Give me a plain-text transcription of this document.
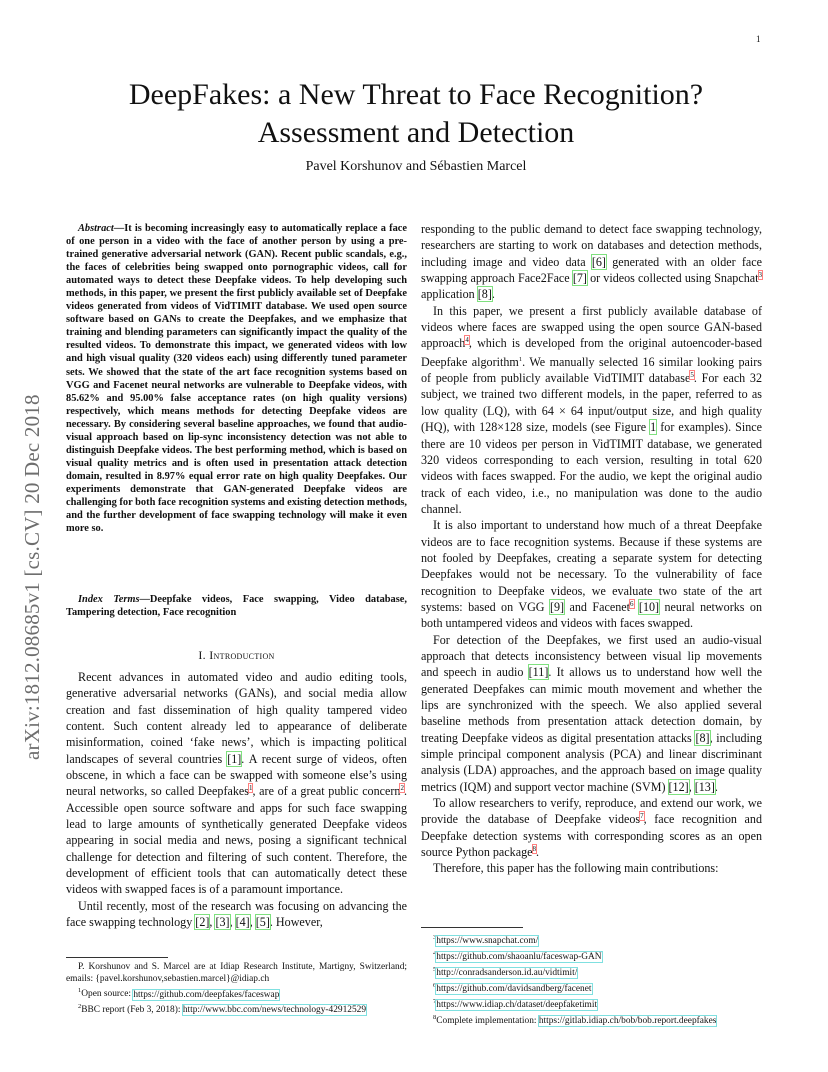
1
arXiv:1812.08685v1 [cs.CV] 20 Dec 2018
DeepFakes: a New Threat to Face Recognition? Assessment and Detection
Pavel Korshunov and Sébastien Marcel
Abstract—It is becoming increasingly easy to automatically replace a face of one person in a video with the face of another person by using a pre-trained generative adversarial network (GAN). Recent public scandals, e.g., the faces of celebrities being swapped onto pornographic videos, call for automated ways to detect these Deepfake videos. To help developing such methods, in this paper, we present the first publicly available set of Deepfake videos generated from videos of VidTIMIT database. We used open source software based on GANs to create the Deepfakes, and we emphasize that training and blending parameters can significantly impact the quality of the resulted videos. To demonstrate this impact, we generated videos with low and high visual quality (320 videos each) using differently tuned parameter sets. We showed that the state of the art face recognition systems based on VGG and Facenet neural networks are vulnerable to Deepfake videos, with 85.62% and 95.00% false acceptance rates (on high quality versions) respectively, which means methods for detecting Deepfake videos are necessary. By considering several baseline approaches, we found that audio-visual approach based on lip-sync inconsistency detection was not able to distinguish Deepfake videos. The best performing method, which is based on visual quality metrics and is often used in presentation attack detection domain, resulted in 8.97% equal error rate on high quality Deepfakes. Our experiments demonstrate that GAN-generated Deepfake videos are challenging for both face recognition systems and existing detection methods, and the further development of face swapping technology will make it even more so.
Index Terms—Deepfake videos, Face swapping, Video database, Tampering detection, Face recognition
I. Introduction

Recent advances in automated video and audio editing tools, generative adversarial networks (GANs), and social media allow creation and fast dissemination of high quality tampered video content. Such content already led to appearance of deliberate misinformation, coined ‘fake news’, which is impacting political landscapes of several countries [1]. A recent surge of videos, often obscene, in which a face can be swapped with someone else’s using neural networks, so called Deepfakes$^1$, are of a great public concern$^2$. Accessible open source software and apps for such face swapping lead to large amounts of synthetically generated Deepfake videos appearing in social media and news, posing a significant technical challenge for detection and filtering of such content. Therefore, the development of efficient tools that can automatically detect these videos with swapped faces is of a paramount importance.

Until recently, most of the research was focusing on advancing the face swapping technology [2], [3], [4], [5]. However,

responding to the public demand to detect face swapping technology, researchers are starting to work on databases and detection methods, including image and video data [6] generated with an older face swapping approach Face2Face [7] or videos collected using Snapchat$^3$ application [8].

In this paper, we present a first publicly available database of videos where faces are swapped using the open source GAN-based approach$^4$, which is developed from the original autoencoder-based Deepfake algorithm$^1$. We manually selected 16 similar looking pairs of people from publicly available VidTIMIT database$^5$. For each 32 subject, we trained two different models, in the paper, referred to as low quality (LQ), with 64 × 64 input/output size, and high quality (HQ), with 128×128 size, models (see Figure 1 for examples). Since there are 10 videos per person in VidTIMIT database, we generated 320 videos corresponding to each version, resulting in total 620 videos with faces swapped. For the audio, we kept the original audio track of each video, i.e., no manipulation was done to the audio channel.

It is also important to understand how much of a threat Deepfake videos are to face recognition systems. Because if these systems are not fooled by Deepfakes, creating a separate system for detecting Deepfakes would not be necessary. To the vulnerability of face recognition to Deepfake videos, we evaluate two state of the art systems: based on VGG [9] and Facenet$^6$ [10] neural networks on both untampered videos and videos with faces swapped.

For detection of the Deepfakes, we first used an audio-visual approach that detects inconsistency between visual lip movements and speech in audio [11]. It allows us to understand how well the generated Deepfakes can mimic mouth movement and whether the lips are synchronized with the speech. We also applied several baseline methods from presentation attack detection domain, by treating Deepfake videos as digital presentation attacks [8], including simple principal component analysis (PCA) and linear discriminant analysis (LDA) approaches, and the approach based on image quality metrics (IQM) and support vector machine (SVM) [12], [13].

To allow researchers to verify, reproduce, and extend our work, we provide the database of Deepfake videos$^7$, face recognition and Deepfake detection systems with corresponding scores as an open source Python package$^8$.

Therefore, this paper has the following main contributions:

P. Korshunov and S. Marcel are at Idiap Research Institute, Martigny, Switzerland; emails: {pavel.korshunov,sebastien.marcel}@idiap.ch

$^1$Open source: https://github.com/deepfakes/faceswap

$^2$BBC report (Feb 3, 2018): http://www.bbc.com/news/technology-42912529

$^3$https://www.snapchat.com/

$^4$https://github.com/shaoanlu/faceswap-GAN

$^5$http://conradsanderson.id.au/vidtimit/

$^6$https://github.com/davidsandberg/facenet

$^7$https://www.idiap.ch/dataset/deepfaketimit

$^8$Complete implementation: https://gitlab.idiap.ch/bob/bob.report.deepfakes
